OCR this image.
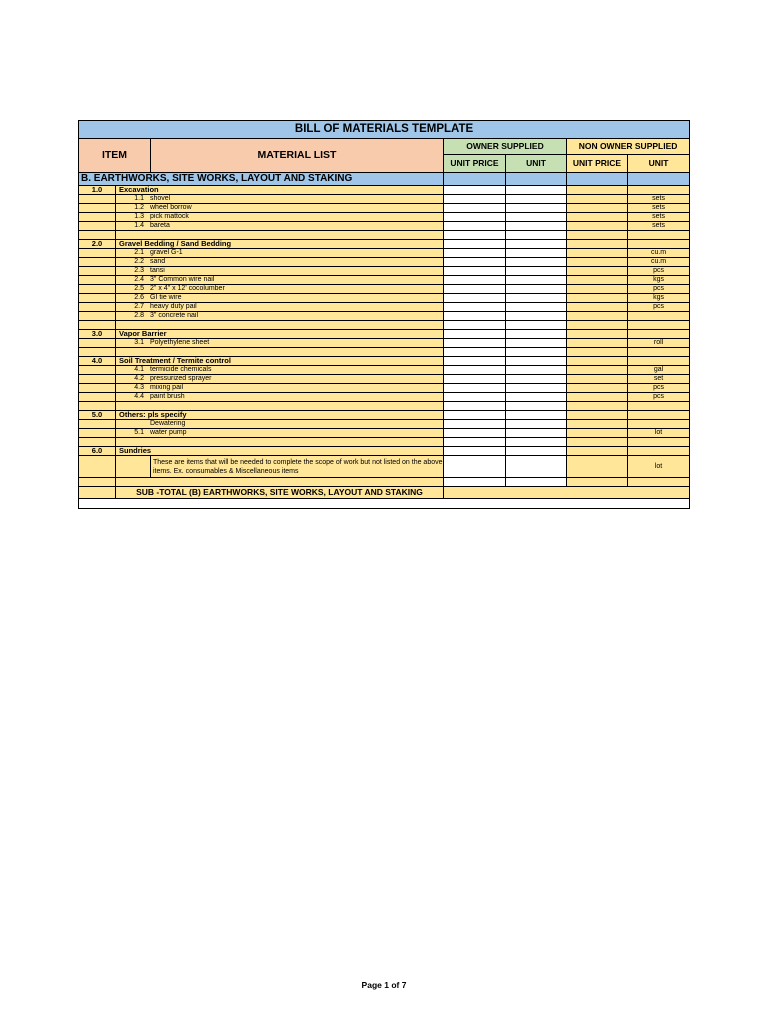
BILL OF MATERIALS TEMPLATE						
ITEM		MATERIAL LIST	OWNER SUPPLIED		NON OWNER SUPPLIED	
			UNIT PRICE	UNIT	UNIT PRICE	UNIT
B. EARTHWORKS, SITE WORKS, LAYOUT AND STAKING						
1.0	Excavation					
	1.1 shovel					sets
	1.2 wheel borrow					sets
	1.3 pick mattock					sets
	1.4 bareta					sets

2.0	Gravel Bedding / Sand Bedding					
	2.1 gravel G-1					cu.m
	2.2 sand					cu.m
	2.3 tansi					pcs
	2.4 3" Common wire nail					kgs
	2.5 2" x 4" x 12' cocolumber					pcs
	2.6 GI tie wire					kgs
	2.7 heavy duty pail					pcs
	2.8 3" concrete nail					

3.0	Vapor Barrier					
	3.1 Polyethylene sheet					roll

4.0	Soil Treatment / Termite control					
	4.1 termicide chemicals					gal
	4.2 pressurized sprayer					set
	4.3 mixing pail					pcs
	4.4 paint brush					pcs

5.0	Others: pls specify					
	Dewatering					
	5.1 water pump					lot

6.0	Sundries					
		These are items that will be needed to complete the scope of work but not listed on the above items. Ex. consumables & Miscellaneous items				lot

	SUB -TOTAL (B) EARTHWORKS, SITE WORKS, LAYOUT AND STAKING					

Page 1 of 7
